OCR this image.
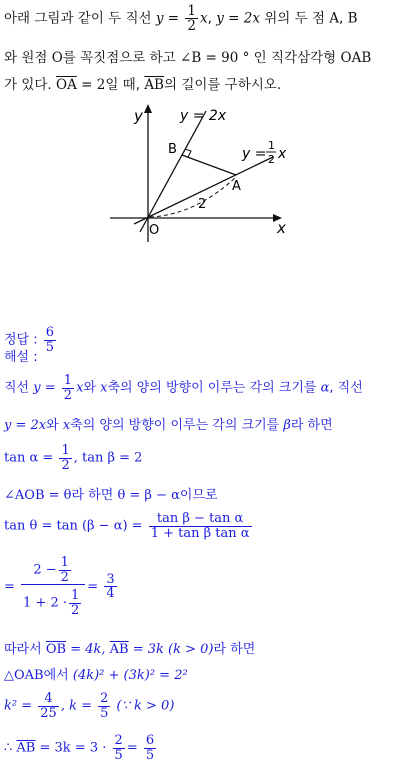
아래 그림과 같이 두 직선 $y = \frac{1}{2} x$, y = 2x 위의 두 점 A, B
와 원점 O를 꼭짓점으로 하고 ∠B = 90 ° 인 직각삼각형 OAB
가 있다. $\overline{OA} = 2$일 때, $\overline{AB}$의 길이를 구하시오.
y
x
O
y = 2x
B
A
2
y =
1
2 x
정답 : $\frac{6}{5}$
해설 :
직선 $y = \frac{1}{2}$ x와 x축의 양의 방향이 이루는 각의 크기를 α, 직선
y = 2x와 x축의 양의 방향이 이루는 각의 크기를 β라 하면
$\tan \alpha = \frac{1}{2}$ , tan β = 2
∠AOB = θ라 하면 θ = β − α이므로
$\tan \theta = \tan (\beta - \alpha) = \frac{\text{tan β − tan α}}{\text{1 + tan β tan α}}$
= $\frac{2 - \frac{1}{2}}{1 + 2 \cdot \frac{1}{2}} = \frac{3}{4}$
따라서 $\overline{OB} = 4k$, $\overline{AB} = 3k$ (k > 0)라 하면
△OAB에서 (4k)² + (3k)² = 2²
$k^2 = \frac{4}{25}$ , $k = \frac{2}{5}$ (∵ k > 0)
∴ $\overline{AB} = 3k = 3 \cdot \frac{2}{5} = \frac{6}{5}$
